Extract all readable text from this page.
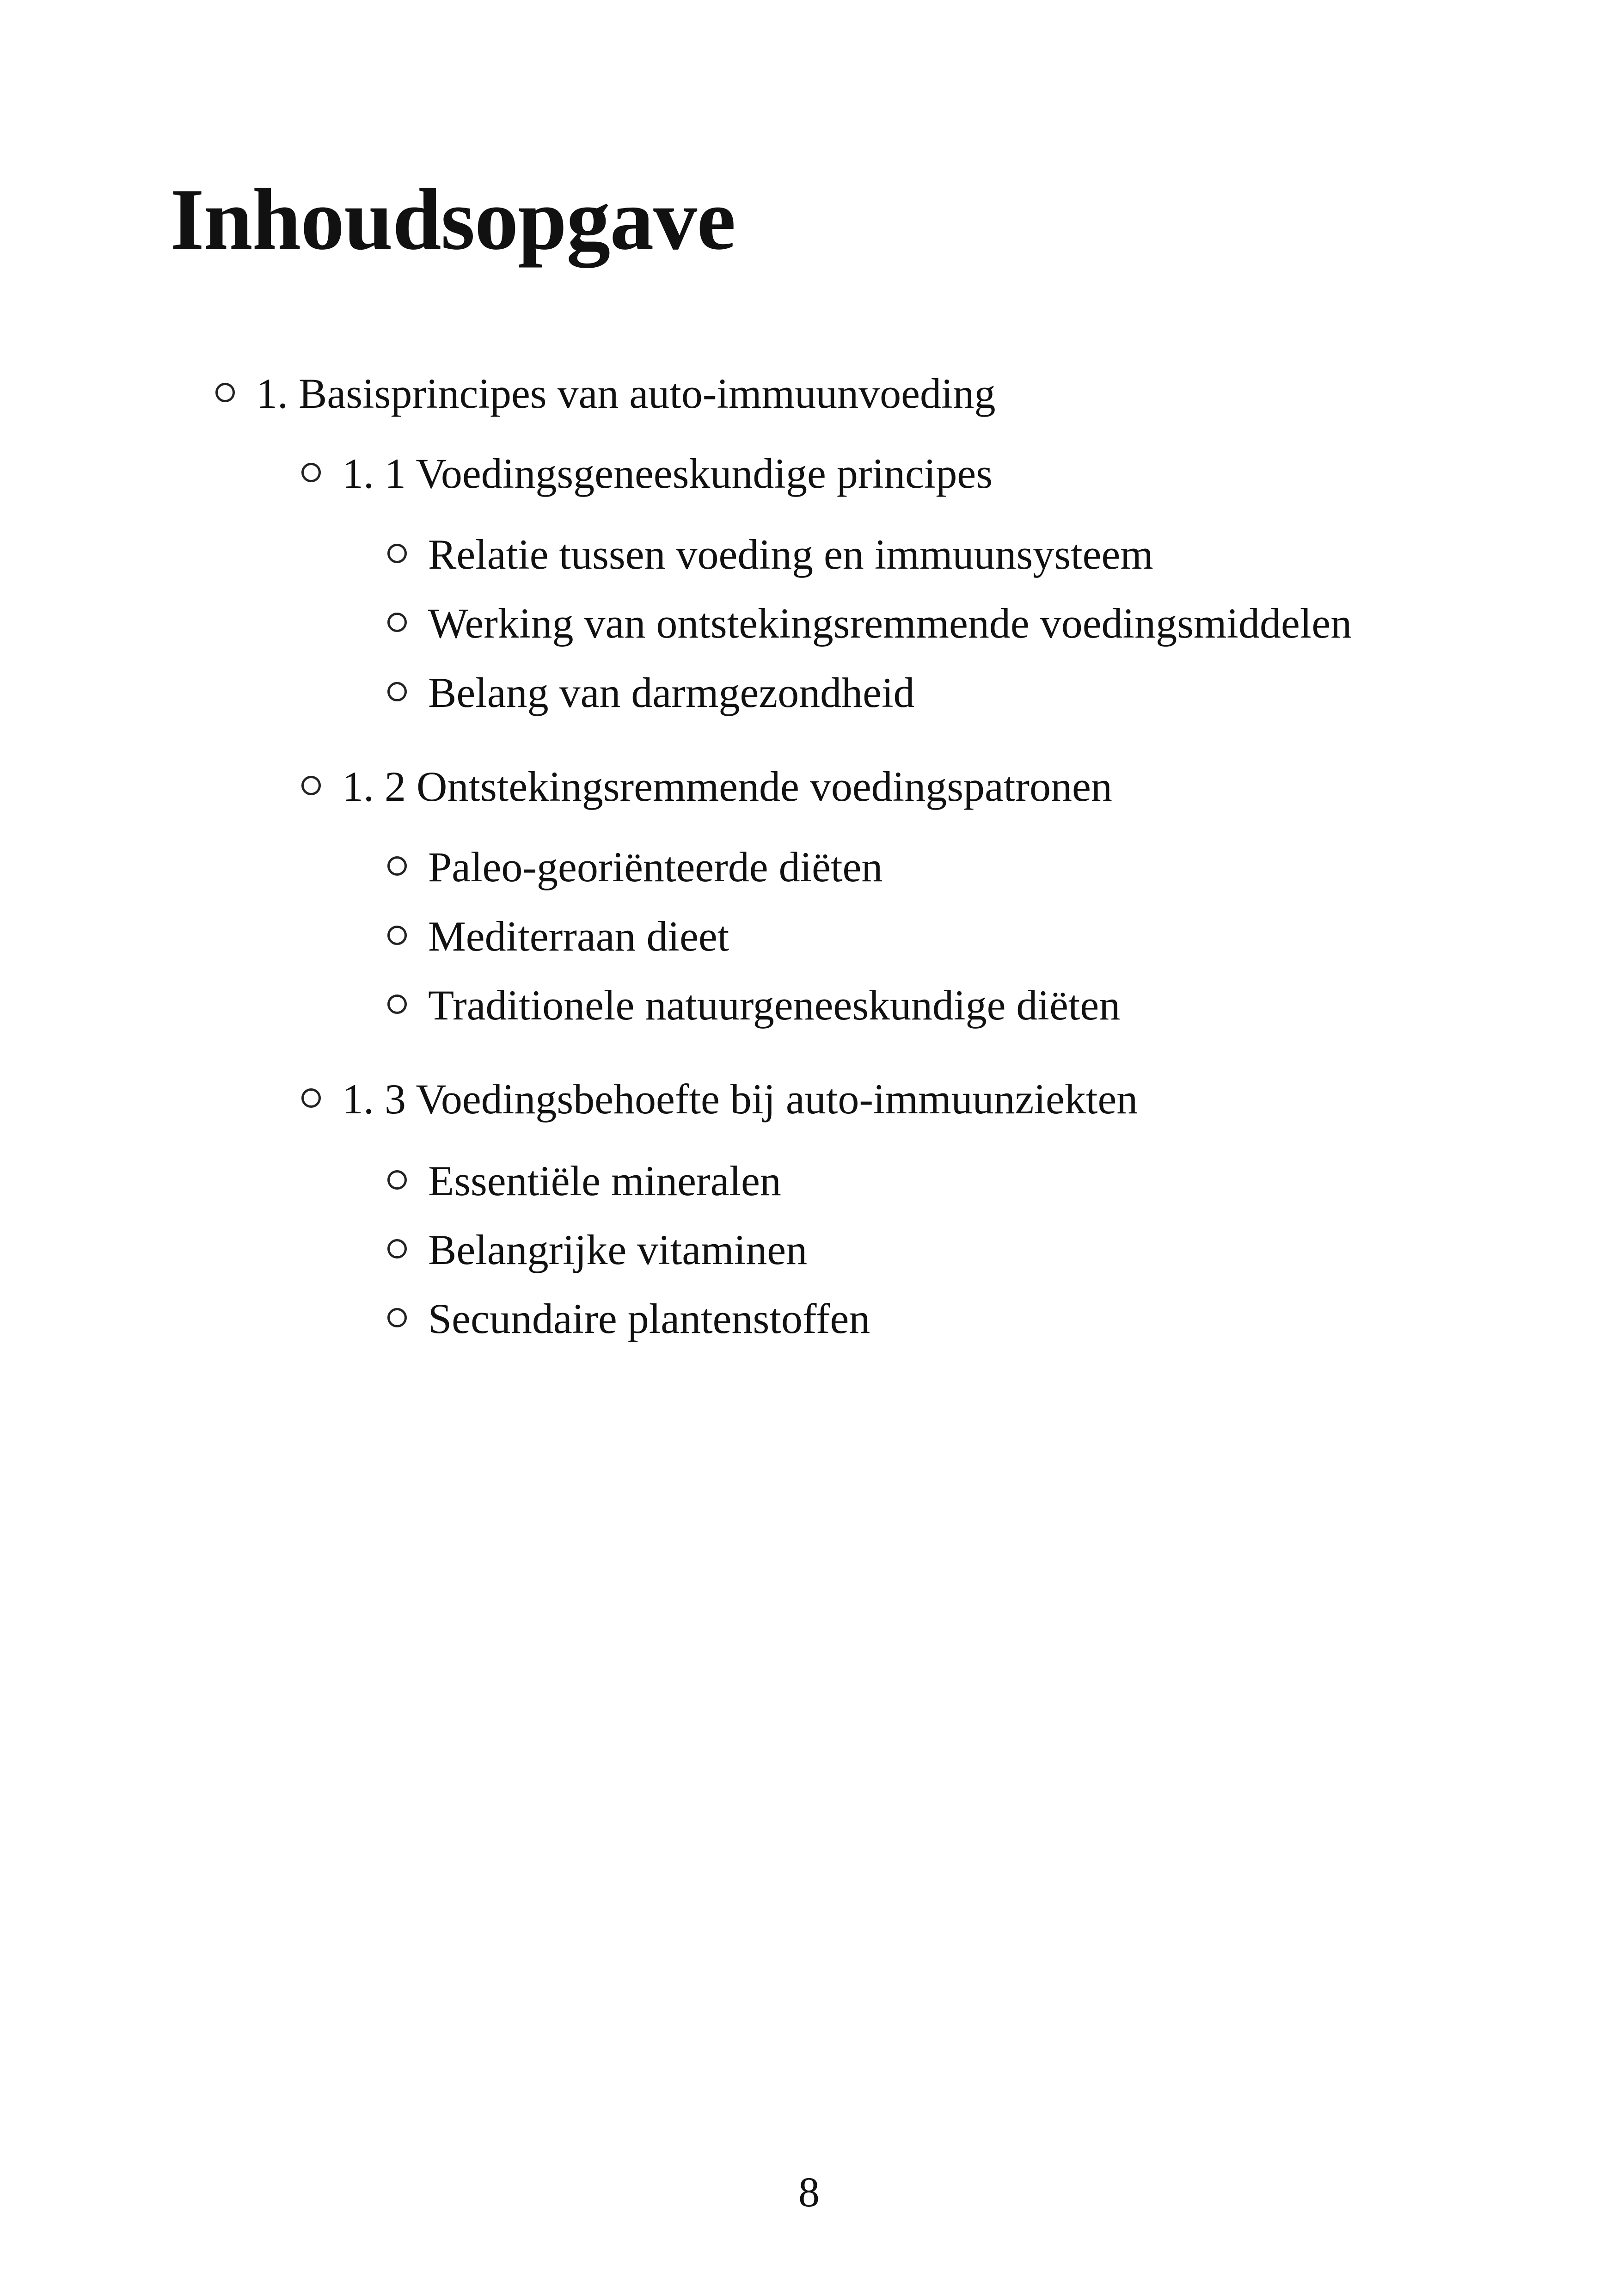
Inhoudsopgave
1. Basisprincipes van auto-immuunvoeding
1. 1 Voedingsgeneeskundige principes
Relatie tussen voeding en immuunsysteem
Werking van ontstekingsremmende voedingsmiddelen
Belang van darmgezondheid
1. 2 Ontstekingsremmende voedingspatronen
Paleo-georiënteerde diëten
Mediterraan dieet
Traditionele natuurgeneeskundige diëten
1. 3 Voedingsbehoefte bij auto-immuunziekten
Essentiële mineralen
Belangrijke vitaminen
Secundaire plantenstoffen
8
